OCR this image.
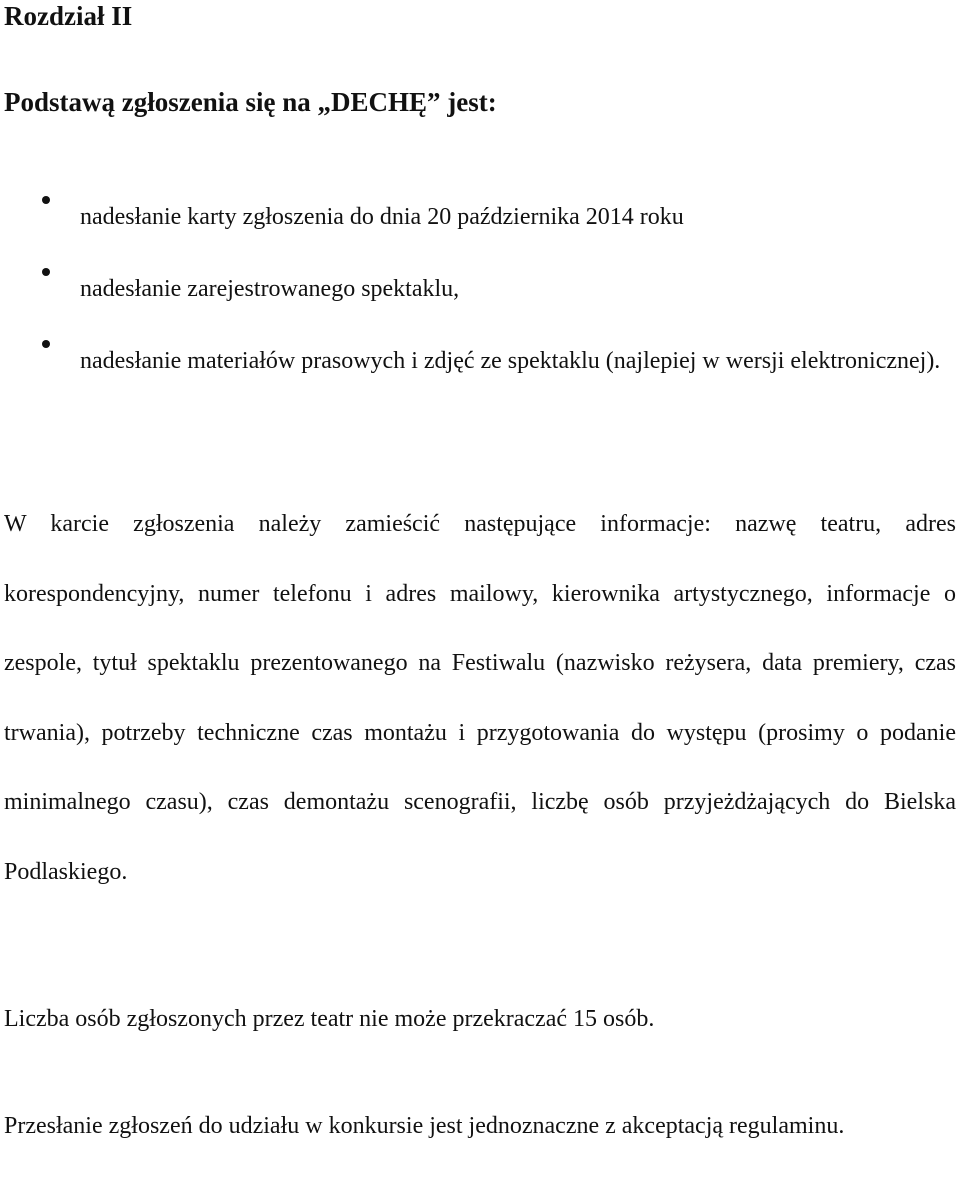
Rozdział II
Podstawą zgłoszenia się na „DECHĘ” jest:
nadesłanie karty zgłoszenia do dnia 20 października 2014 roku
nadesłanie zarejestrowanego spektaklu,
nadesłanie materiałów prasowych i zdjęć ze spektaklu (najlepiej w wersji elektronicznej).

W karcie zgłoszenia należy zamieścić następujące informacje: nazwę teatru, adres korespondencyjny, numer telefonu i adres mailowy, kierownika artystycznego, informacje o zespole, tytuł spektaklu prezentowanego na Festiwalu (nazwisko reżysera, data premiery, czas trwania), potrzeby techniczne czas montażu i przygotowania do występu (prosimy o podanie minimalnego czasu), czas demontażu scenografii, liczbę osób przyjeżdżających do Bielska Podlaskiego.

Liczba osób zgłoszonych przez teatr nie może przekraczać 15 osób.

Przesłanie zgłoszeń do udziału w konkursie jest jednoznaczne z akceptacją regulaminu.
